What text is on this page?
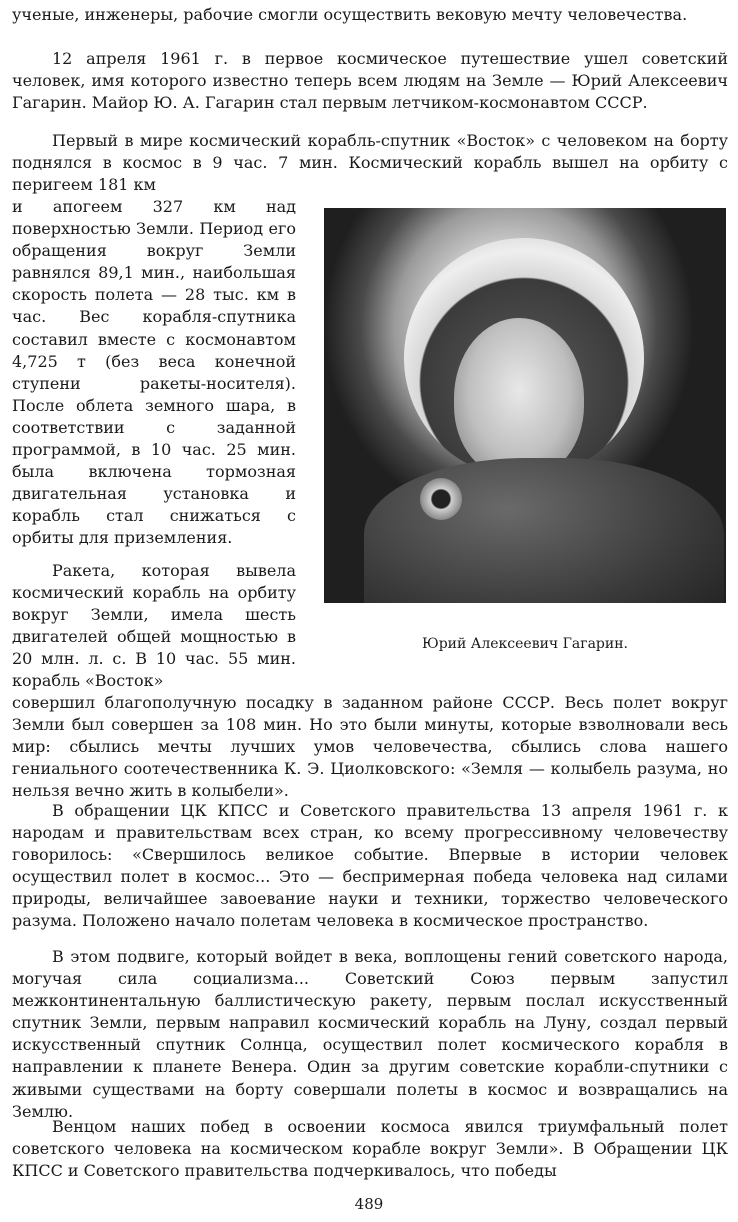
ученые, инженеры, рабочие смогли осуществить вековую мечту человечества.

12 апреля 1961 г. в первое космическое путешествие ушел советский человек, имя которого известно теперь всем людям на Земле — Юрий Алексеевич Гагарин. Майор Ю. А. Гагарин стал первым летчиком-космонавтом СССР.

Первый в мире космический корабль-спутник «Восток» с человеком на борту поднялся в космос в 9 час. 7 мин. Космический корабль вышел на орбиту с перигеем 181 км

и апогеем 327 км над поверхностью Земли. Период его обращения вокруг Земли равнялся 89,1 мин., наибольшая скорость полета — 28 тыс. км в час. Вес корабля-спутника составил вместе с космонавтом 4,725 т (без веса конечной ступени ракеты-носителя). После облета земного шара, в соответствии с заданной программой, в 10 час. 25 мин. была включена тормозная двигательная установка и корабль стал снижаться с орбиты для приземления.

Ракета, которая вывела космический корабль на орбиту вокруг Земли, имела шесть двигателей общей мощностью в 20 млн. л. с. В 10 час. 55 мин. корабль «Восток»

совершил благополучную посадку в заданном районе СССР. Весь полет вокруг Земли был совершен за 108 мин. Но это были минуты, которые взволновали весь мир: сбылись мечты лучших умов человечества, сбылись слова нашего гениального соотечественника К. Э. Циолковского: «Земля — колыбель разума, но нельзя вечно жить в колыбели».

В обращении ЦК КПСС и Советского правительства 13 апреля 1961 г. к народам и правительствам всех стран, ко всему прогрессивному человечеству говорилось: «Свершилось великое событие. Впервые в истории человек осуществил полет в космос... Это — беспримерная победа человека над силами природы, величайшее завоевание науки и техники, торжество человеческого разума. Положено начало полетам человека в космическое пространство.

В этом подвиге, который войдет в века, воплощены гений советского народа, могучая сила социализма... Советский Союз первым запустил межконтинентальную баллистическую ракету, первым послал искусственный спутник Земли, первым направил космический корабль на Луну, создал первый искусственный спутник Солнца, осуществил полет космического корабля в направлении к планете Венера. Один за другим советские корабли-спутники с живыми существами на борту совершали полеты в космос и возвращались на Землю.

Венцом наших побед в освоении космоса явился триумфальный полет советского человека на космическом корабле вокруг Земли». В Обращении ЦК КПСС и Советского правительства подчеркивалось, что победы

Юрий Алексеевич Гагарин.

489
